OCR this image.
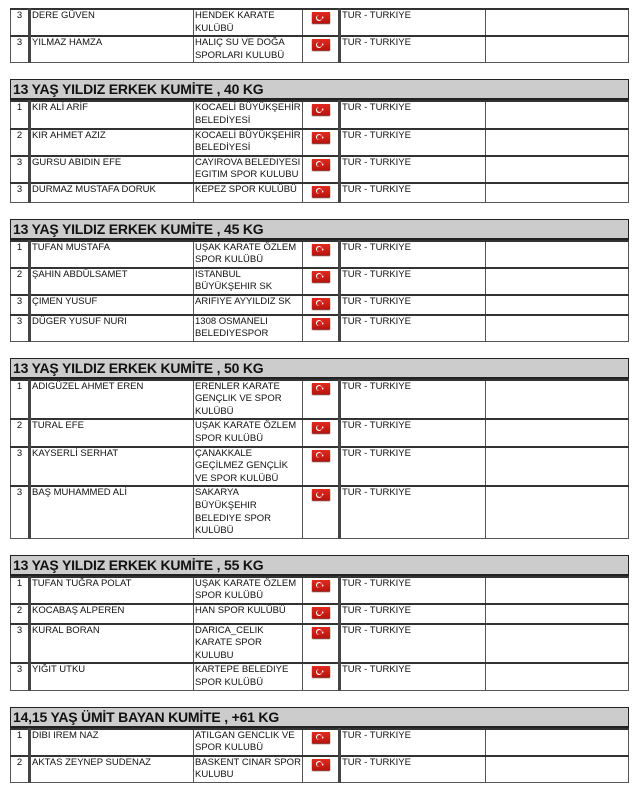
3	DERE GÜVEN	HENDEK KARATE KULÜBÜ		TUR - TURKIYE	
3	YILMAZ HAMZA	HALIÇ SU VE DOĞA SPORLARI KULUBÜ		TUR - TURKIYE	
13 YAŞ YILDIZ ERKEK KUMİTE , 40 KG
1	KIR ALİ ARİF	KOCAELİ BÜYÜKŞEHİR BELEDİYESİ		TUR - TURKIYE	
2	KIR AHMET AZIZ	KOCAELİ BÜYÜKŞEHİR BELEDİYESİ		TUR - TURKIYE	
3	GURSU ABIDIN EFE	CAYIROVA BELEDIYESI EGITIM SPOR KULUBU		TUR - TURKIYE	
3	DURMAZ MUSTAFA DORUK	KEPEZ SPOR KULÜBÜ		TUR - TURKIYE	
13 YAŞ YILDIZ ERKEK KUMİTE , 45 KG
1	TUFAN MUSTAFA	UŞAK KARATE ÖZLEM SPOR KULÜBÜ		TUR - TURKIYE	
2	ŞAHIN ABDÜLSAMET	ISTANBUL BÜYÜKŞEHIR SK		TUR - TURKIYE	
3	ÇIMEN YUSUF	ARIFIYE AYYILDIZ SK		TUR - TURKIYE	
3	DÜGER YUSUF NURI	1308 OSMANELI BELEDIYESPOR		TUR - TURKIYE	
13 YAŞ YILDIZ ERKEK KUMİTE , 50 KG
1	ADIGÜZEL AHMET EREN	ERENLER KARATE GENÇLIK VE SPOR KULÜBÜ		TUR - TURKIYE	
2	TURAL EFE	UŞAK KARATE ÖZLEM SPOR KULÜBÜ		TUR - TURKIYE	
3	KAYSERLİ SERHAT	ÇANAKKALE GEÇİLMEZ GENÇLİK VE SPOR KULÜBÜ		TUR - TURKIYE	
3	BAŞ MUHAMMED ALİ	SAKARYA BÜYÜKŞEHIR BELEDIYE SPOR KULÜBÜ		TUR - TURKIYE	
13 YAŞ YILDIZ ERKEK KUMİTE , 55 KG
1	TUFAN TUĞRA POLAT	UŞAK KARATE ÖZLEM SPOR KULÜBÜ		TUR - TURKIYE	
2	KOCABAŞ ALPEREN	HAN SPOR KULÜBÜ		TUR - TURKIYE	
3	KURAL BORAN	DARICA_CELIK KARATE SPOR KULUBU		TUR - TURKIYE	
3	YIĞIT UTKU	KARTEPE BELEDIYE SPOR KULÜBÜ		TUR - TURKIYE	
14,15 YAŞ ÜMİT BAYAN KUMİTE , +61 KG
1	DIBI IREM NAZ	ATILGAN GENCLIK VE SPOR KULUBÜ		TUR - TURKIYE	
2	AKTAS ZEYNEP SUDENAZ	BASKENT CINAR SPOR KULUBU		TUR - TURKIYE	
